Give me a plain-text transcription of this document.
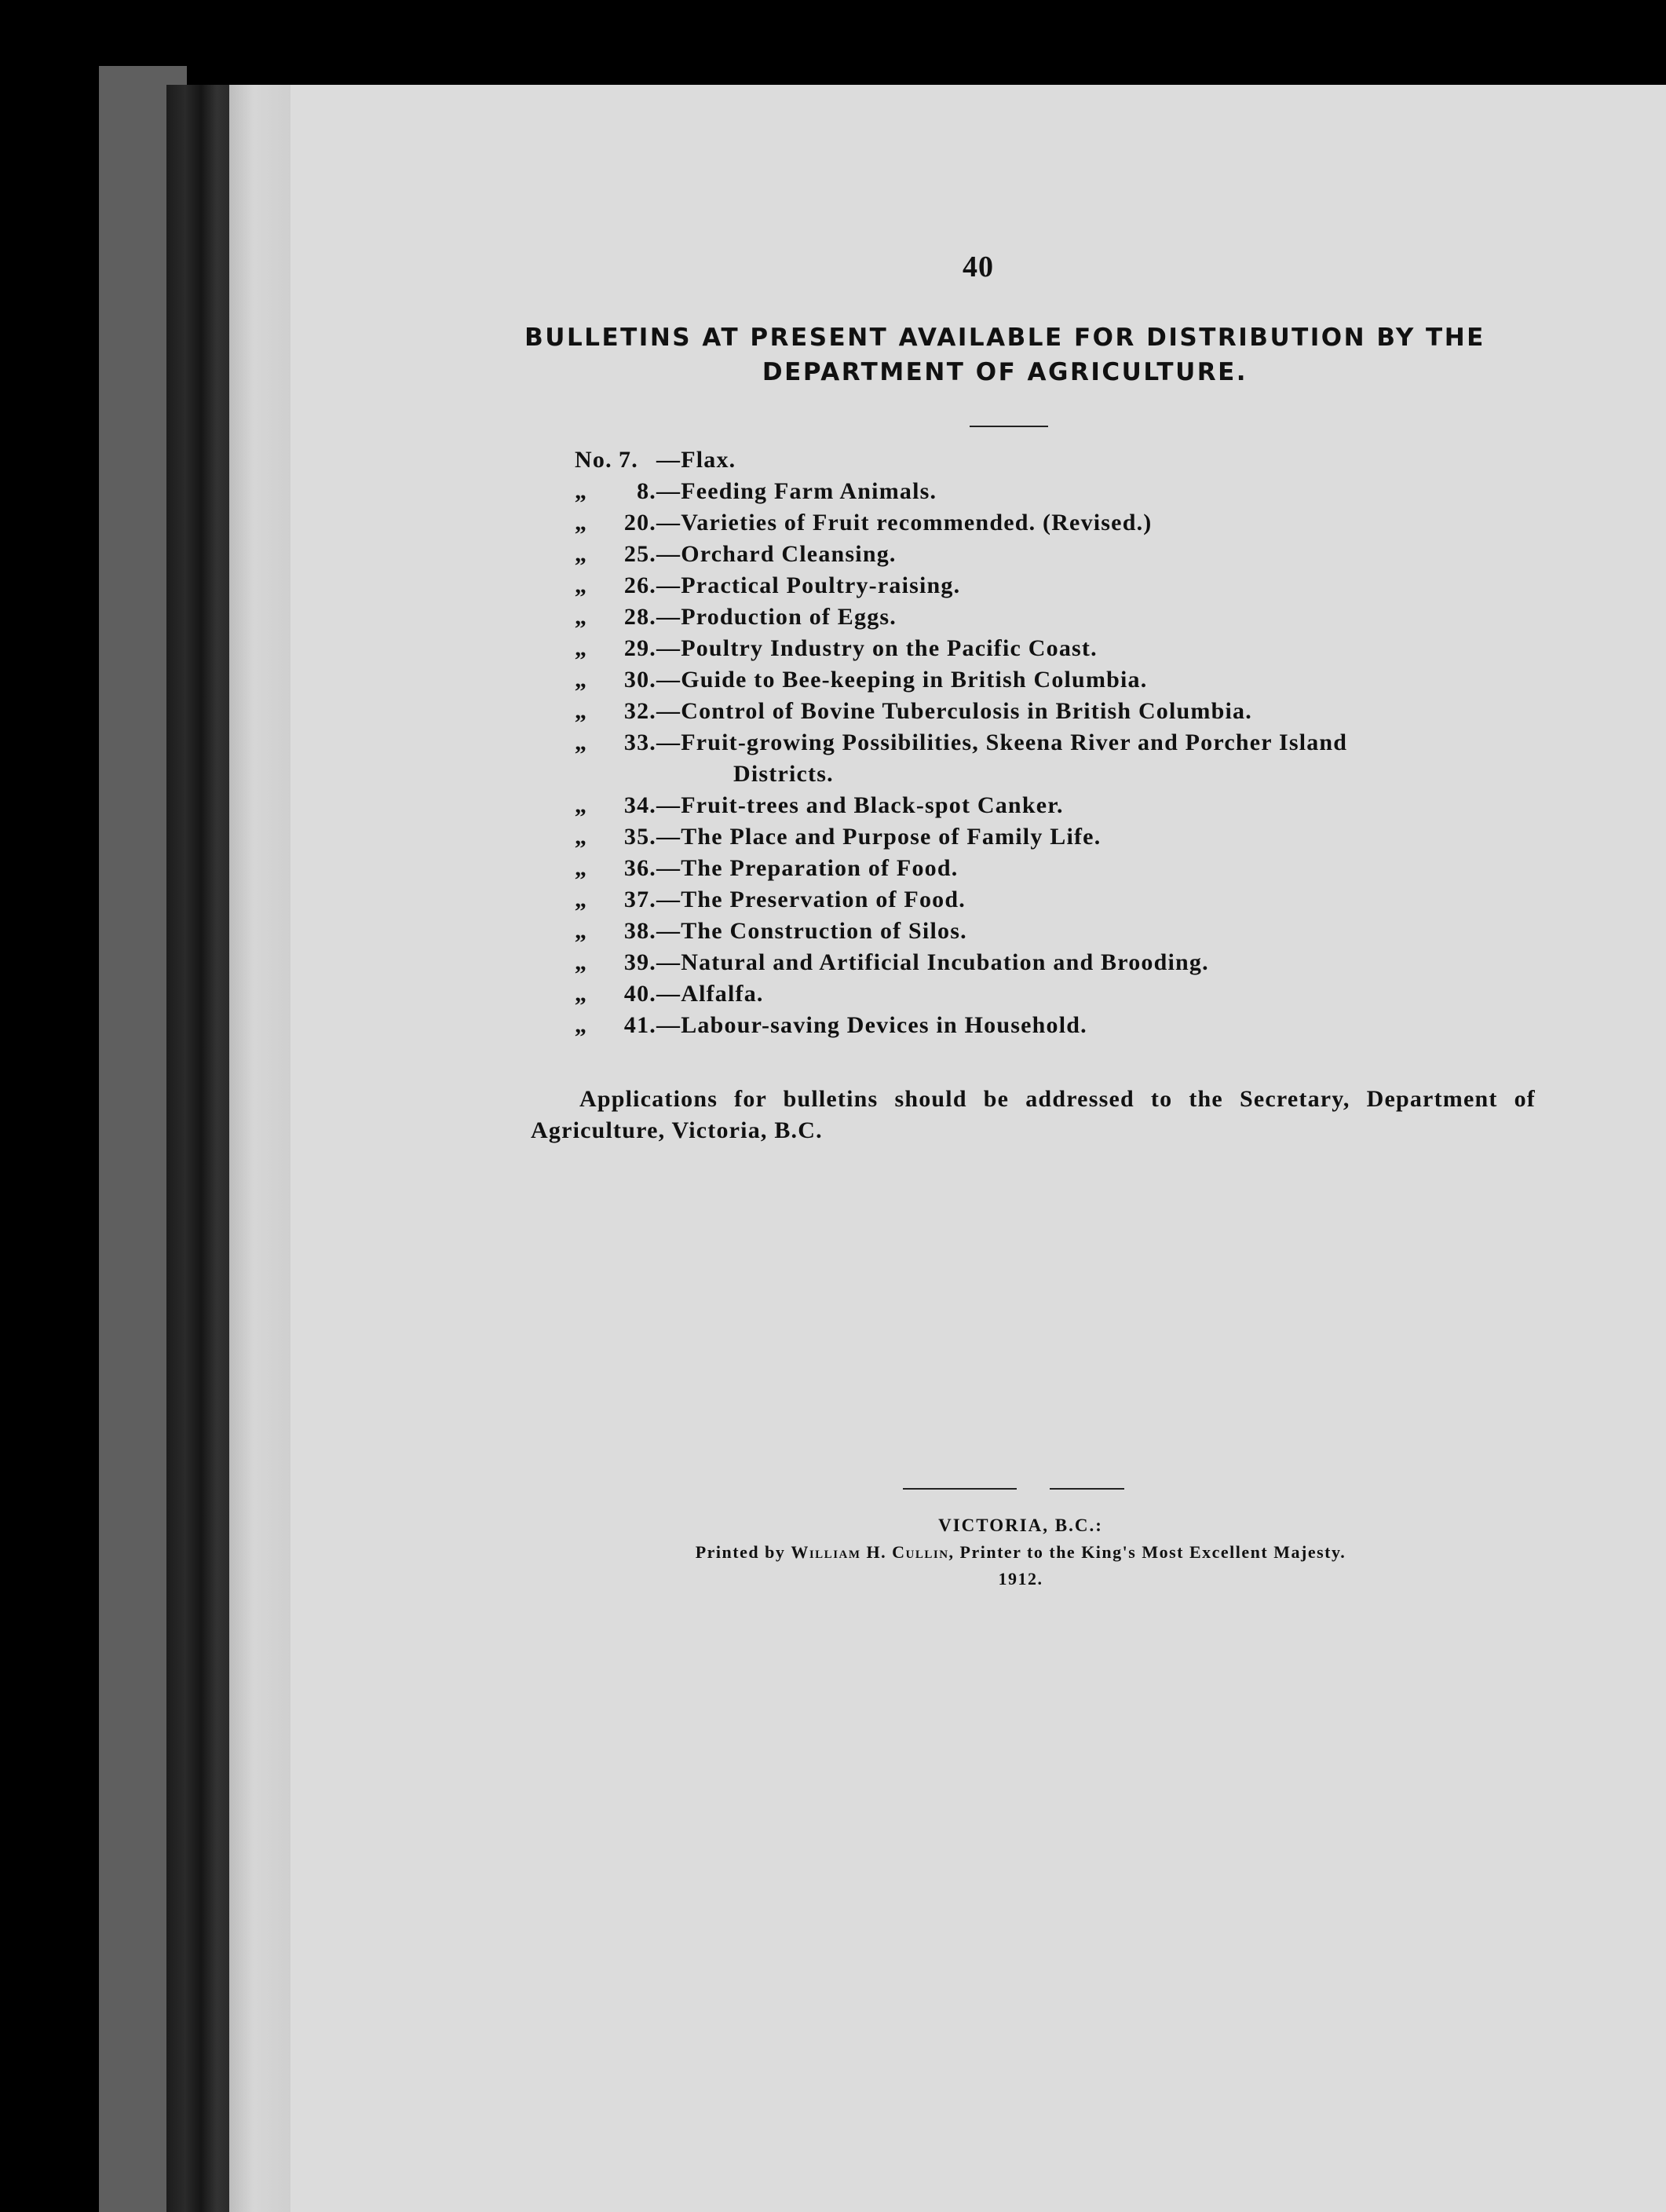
40
BULLETINS AT PRESENT AVAILABLE FOR DISTRIBUTION BY THE
DEPARTMENT OF AGRICULTURE.
No. 7. —Flax.
„ 8.—Feeding Farm Animals.
„ 20.—Varieties of Fruit recommended. (Revised.)
„ 25.—Orchard Cleansing.
„ 26.—Practical Poultry-raising.
„ 28.—Production of Eggs.
„ 29.—Poultry Industry on the Pacific Coast.
„ 30.—Guide to Bee-keeping in British Columbia.
„ 32.—Control of Bovine Tuberculosis in British Columbia.
„ 33.—Fruit-growing Possibilities, Skeena River and Porcher Island
Districts.
„ 34.—Fruit-trees and Black-spot Canker.
„ 35.—The Place and Purpose of Family Life.
„ 36.—The Preparation of Food.
„ 37.—The Preservation of Food.
„ 38.—The Construction of Silos.
„ 39.—Natural and Artificial Incubation and Brooding.
„ 40.—Alfalfa.
„ 41.—Labour-saving Devices in Household.

Applications for bulletins should be addressed to the Secretary, Department of Agriculture, Victoria, B.C.

VICTORIA, B.C.:
Printed by William H. Cullin, Printer to the King's Most Excellent Majesty.
1912.
